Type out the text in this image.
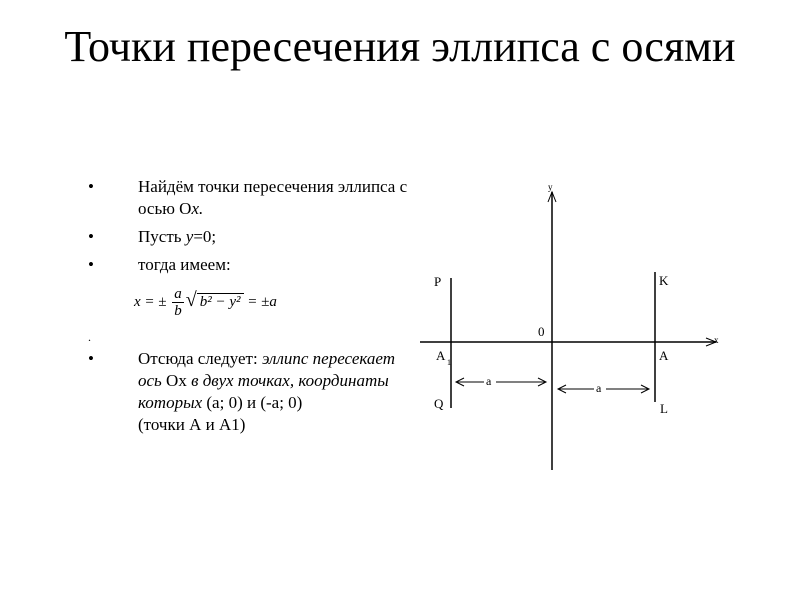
Точки пересечения эллипса с осями
•	Найдём точки пересечения эллипса с осью Ох.
•	Пусть у=0;
•	тогда имеем:
x = ± $\frac{a}{b}$ √ b² − y² = ±a
.
•	Отсюда следует: эллипс пересекает ось Ох в двух точках, координаты которых (а; 0) и (-а; 0)
(точки А и А1)
y
x
0
P
A 1
Q
K
A
L
a	a
